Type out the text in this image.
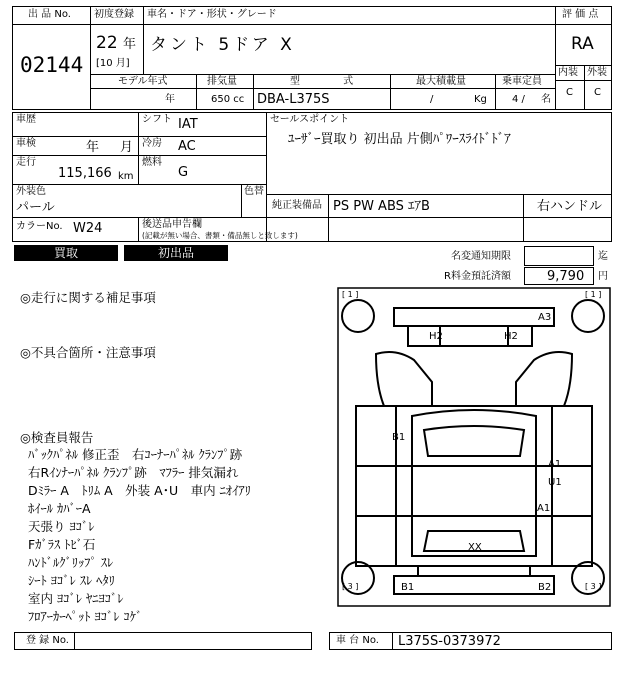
出 品 No.
02144
初度登録
22 年
[10 月]
車名・ドア・形状・グレード
タント 5ドア X
評 価 点
RA
内装 外装
C C
モデル年式
年
排気量
650 cc
型 式
DBA-L375S
最大積載量
/	Kg
乗車定員
4 / 名
車歴
車検	年 月
走行
115,166 km
シフト IAT
冷房 AC
燃料
G
外装色
パール
色替
カラーNo. W24	後送品申告欄
(記載が無い場合、書類・備品無しと致します)
セールスポイント
ﾕｰｻﾞｰ買取り 初出品 片側ﾊﾟﾜｰｽﾗｲﾄﾞﾄﾞｱ
純正装備品 PS PW ABS ｴｱB	右ハンドル
買取	初出品	名変通知期限	迄
R料金預託済額	9,790 円
◎走行に関する補足事項
◎不具合箇所・注意事項
◎検査員報告
ﾊﾞｯｸﾊﾟﾈﾙ 修正歪　右ｺｰﾅｰﾊﾟﾈﾙ ｸﾗﾝﾌﾟ跡
右Rｲﾝﾅｰﾊﾟﾈﾙ ｸﾗﾝﾌﾟ跡　ﾏﾌﾗｰ 排気漏れ
Dﾐﾗｰ A　ﾄﾘﾑ A　外装 A･U　車内 ﾆｵｲｱﾘ
ﾎｲｰﾙ ｶﾊﾞｰA
天張り ﾖｺﾞﾚ
Fｶﾞﾗｽ ﾄﾋﾞ石
ﾊﾝﾄﾞﾙｸﾞﾘｯﾌﾟ ｽﾚ
ｼｰﾄ ﾖｺﾞﾚ ｽﾚ ﾍﾀﾘ
室内 ﾖｺﾞﾚ ﾔﾆﾖｺﾞﾚ
ﾌﾛｱｰｶｰﾍﾟｯﾄ ﾖｺﾞﾚ ｺｹﾞ
[ 1 ]	[ 1 ]
[ 3 ]	[ 3 ]
A3
H2	H2
B1
A1
U1
A1
XX
B1	B2
登 録 No.	車 台 No. L375S-0373972
